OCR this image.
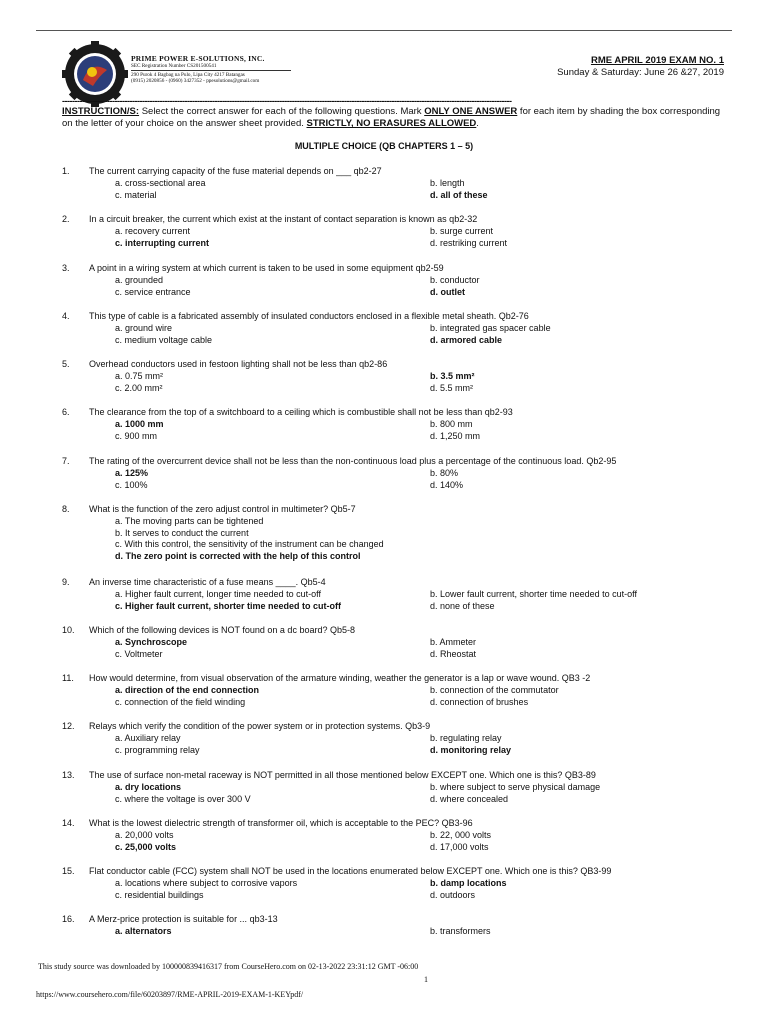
PRIME POWER E-SOLUTIONS, INC.
SEC Registration Number CS201500541
290 Purok 4 Bagbag na Pulo, Lipa City 4217 Batangas
(0915) 2020856 - (0960) 3427352 - ppesolutions@gmail.com
RME APRIL 2019 EXAM NO. 1
Sunday & Saturday: June 26 &27, 2019
------------------------------------------------------------------------------------------------------------------------------------------------------------------------------------
INSTRUCTION/S: Select the correct answer for each of the following questions. Mark ONLY ONE ANSWER for each item by shading the box corresponding on the letter of your choice on the answer sheet provided. STRICTLY, NO ERASURES ALLOWED.
MULTIPLE CHOICE (QB CHAPTERS 1 – 5)
1. The current carrying capacity of the fuse material depends on ___ qb2-27
a. cross-sectional area	b. length
c. material	d. all of these
2. In a circuit breaker, the current which exist at the instant of contact separation is known as qb2-32
a. recovery current	b. surge current
c. interrupting current	d. restriking current
3. A point in a wiring system at which current is taken to be used in some equipment qb2-59
a. grounded	b. conductor
c. service entrance	d. outlet
4. This type of cable is a fabricated assembly of insulated conductors enclosed in a flexible metal sheath. Qb2-76
a. ground wire	b. integrated gas spacer cable
c. medium voltage cable	d. armored cable
5. Overhead conductors used in festoon lighting shall not be less than qb2-86
a. 0.75 mm²	b. 3.5 mm²
c. 2.00 mm²	d. 5.5 mm²
6. The clearance from the top of a switchboard to a ceiling which is combustible shall not be less than qb2-93
a. 1000 mm	b. 800 mm
c. 900 mm	d. 1,250 mm
7. The rating of the overcurrent device shall not be less than the non-continuous load plus a percentage of the continuous load. Qb2-95
a. 125%	b. 80%
c. 100%	d. 140%
8. What is the function of the zero adjust control in multimeter? Qb5-7
a. The moving parts can be tightened
b. It serves to conduct the current
c. With this control, the sensitivity of the instrument can be changed
d. The zero point is corrected with the help of this control
9. An inverse time characteristic of a fuse means ____. Qb5-4
a. Higher fault current, longer time needed to cut-off	b. Lower fault current, shorter time needed to cut-off
c. Higher fault current, shorter time needed to cut-off	d. none of these
10. Which of the following devices is NOT found on a dc board? Qb5-8
a. Synchroscope	b. Ammeter
c. Voltmeter	d. Rheostat
11. How would determine, from visual observation of the armature winding, weather the generator is a lap or wave wound. QB3 -2
a. direction of the end connection	b. connection of the commutator
c. connection of the field winding	d. connection of brushes
12. Relays which verify the condition of the power system or in protection systems. Qb3-9
a. Auxiliary relay	b. regulating relay
c. programming relay	d. monitoring relay
13. The use of surface non-metal raceway is NOT permitted in all those mentioned below EXCEPT one. Which one is this? QB3-89
a. dry locations	b. where subject to serve physical damage
c. where the voltage is over 300 V	d. where concealed
14. What is the lowest dielectric strength of transformer oil, which is acceptable to the PEC? QB3-96
a. 20,000 volts	b. 22, 000 volts
c. 25,000 volts	d. 17,000 volts
15. Flat conductor cable (FCC) system shall NOT be used in the locations enumerated below EXCEPT one. Which one is this? QB3-99
a. locations where subject to corrosive vapors	b. damp locations
c. residential buildings	d. outdoors
16. A Merz-price protection is suitable for ... qb3-13
a. alternators	b. transformers
This study source was downloaded by 100000839416317 from CourseHero.com on 02-13-2022 23:31:12 GMT -06:00
1
https://www.coursehero.com/file/60203897/RME-APRIL-2019-EXAM-1-KEYpdf/
